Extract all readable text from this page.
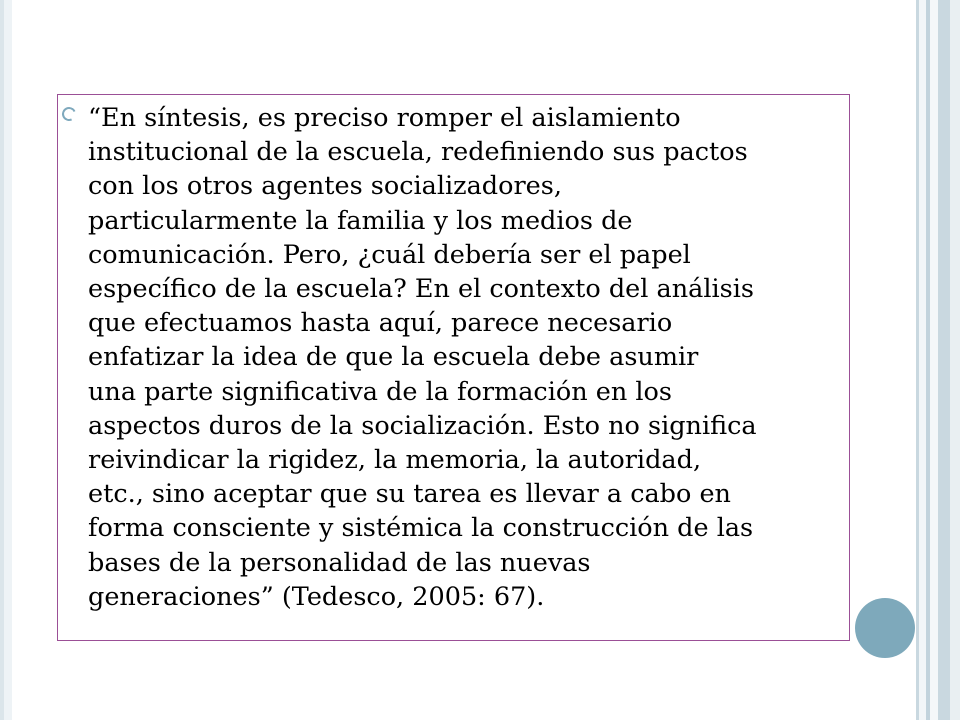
“En síntesis, es preciso romper el aislamiento
institucional de la escuela, redefiniendo sus pactos
con los otros agentes socializadores,
particularmente la familia y los medios de
comunicación. Pero, ¿cuál debería ser el papel
específico de la escuela? En el contexto del análisis
que efectuamos hasta aquí, parece necesario
enfatizar la idea de que la escuela debe asumir
una parte significativa de la formación en los
aspectos duros de la socialización. Esto no significa
reivindicar la rigidez, la memoria, la autoridad,
etc., sino aceptar que su tarea es llevar a cabo en
forma consciente y sistémica la construcción de las
bases de la personalidad de las nuevas
generaciones” (Tedesco, 2005: 67).
